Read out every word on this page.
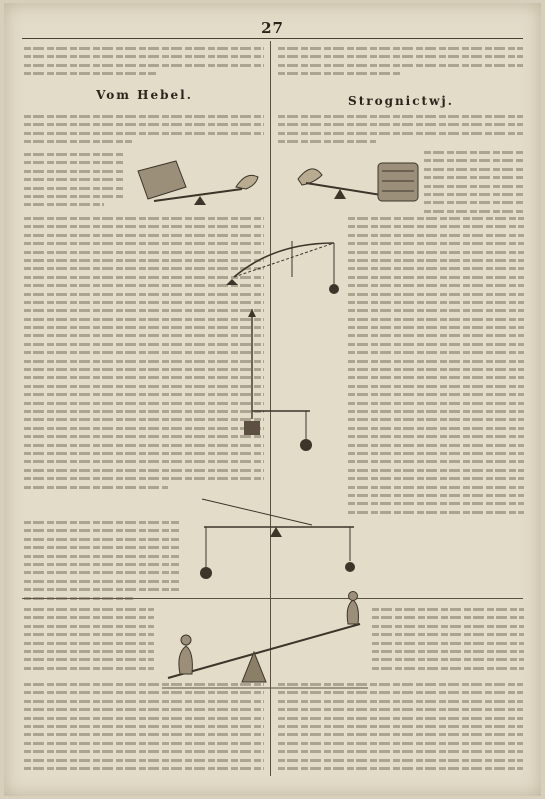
27
Vom Hebel.	Strognictwj.
